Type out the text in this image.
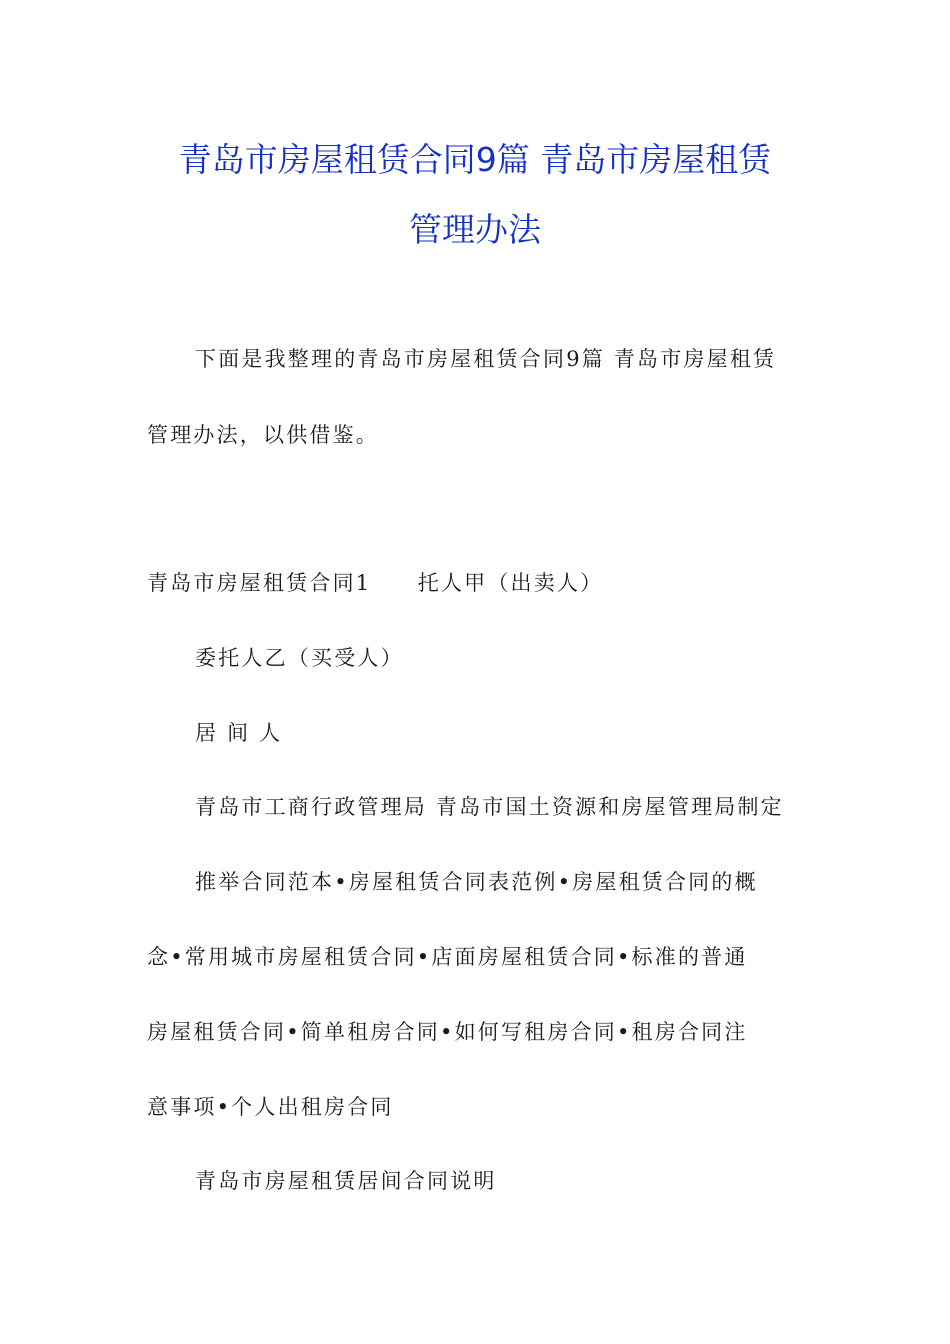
青岛市房屋租赁合同9篇 青岛市房屋租赁
管理办法
下面是我整理的青岛市房屋租赁合同9篇 青岛市房屋租赁
管理办法，以供借鉴。
青岛市房屋租赁合同1　　托人甲（出卖人）
委托人乙（买受人）
居 间 人
青岛市工商行政管理局 青岛市国土资源和房屋管理局制定
推举合同范本•房屋租赁合同表范例•房屋租赁合同的概
念•常用城市房屋租赁合同•店面房屋租赁合同•标准的普通
房屋租赁合同•简单租房合同•如何写租房合同•租房合同注
意事项•个人出租房合同
青岛市房屋租赁居间合同说明
